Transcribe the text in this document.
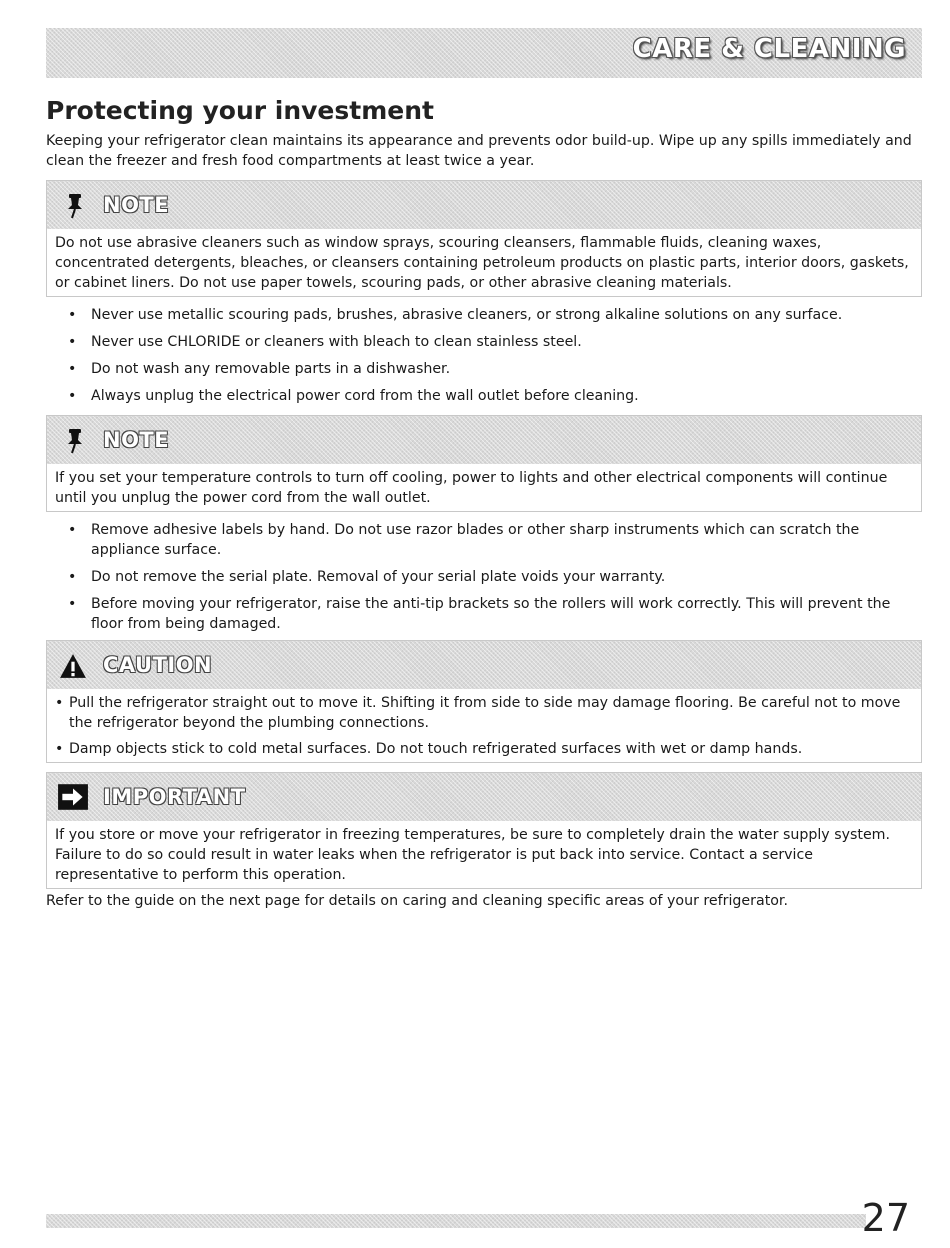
CARE & CLEANING
Protecting your investment

Keeping your refrigerator clean maintains its appearance and prevents odor build-up. Wipe up any spills immediately and clean the freezer and fresh food compartments at least twice a year.

NOTE

Do not use abrasive cleaners such as window sprays, scouring cleansers, flammable fluids, cleaning waxes, concentrated detergents, bleaches, or cleansers containing petroleum products on plastic parts, interior doors, gaskets, or cabinet liners. Do not use paper towels, scouring pads, or other abrasive cleaning materials.

• Never use metallic scouring pads, brushes, abrasive cleaners, or strong alkaline solutions on any surface.
• Never use CHLORIDE or cleaners with bleach to clean stainless steel.
• Do not wash any removable parts in a dishwasher.
• Always unplug the electrical power cord from the wall outlet before cleaning.
NOTE

If you set your temperature controls to turn off cooling, power to lights and other electrical components will continue until you unplug the power cord from the wall outlet.

• Remove adhesive labels by hand. Do not use razor blades or other sharp instruments which can scratch the appliance surface.
• Do not remove the serial plate. Removal of your serial plate voids your warranty.
• Before moving your refrigerator, raise the anti-tip brackets so the rollers will work correctly. This will prevent the floor from being damaged.
CAUTION

• Pull the refrigerator straight out to move it. Shifting it from side to side may damage flooring. Be careful not to move the refrigerator beyond the plumbing connections.

• Damp objects stick to cold metal surfaces. Do not touch refrigerated surfaces with wet or damp hands.

IMPORTANT

If you store or move your refrigerator in freezing temperatures, be sure to completely drain the water supply system. Failure to do so could result in water leaks when the refrigerator is put back into service. Contact a service representative to perform this operation.

Refer to the guide on the next page for details on caring and cleaning specific areas of your refrigerator.

27
